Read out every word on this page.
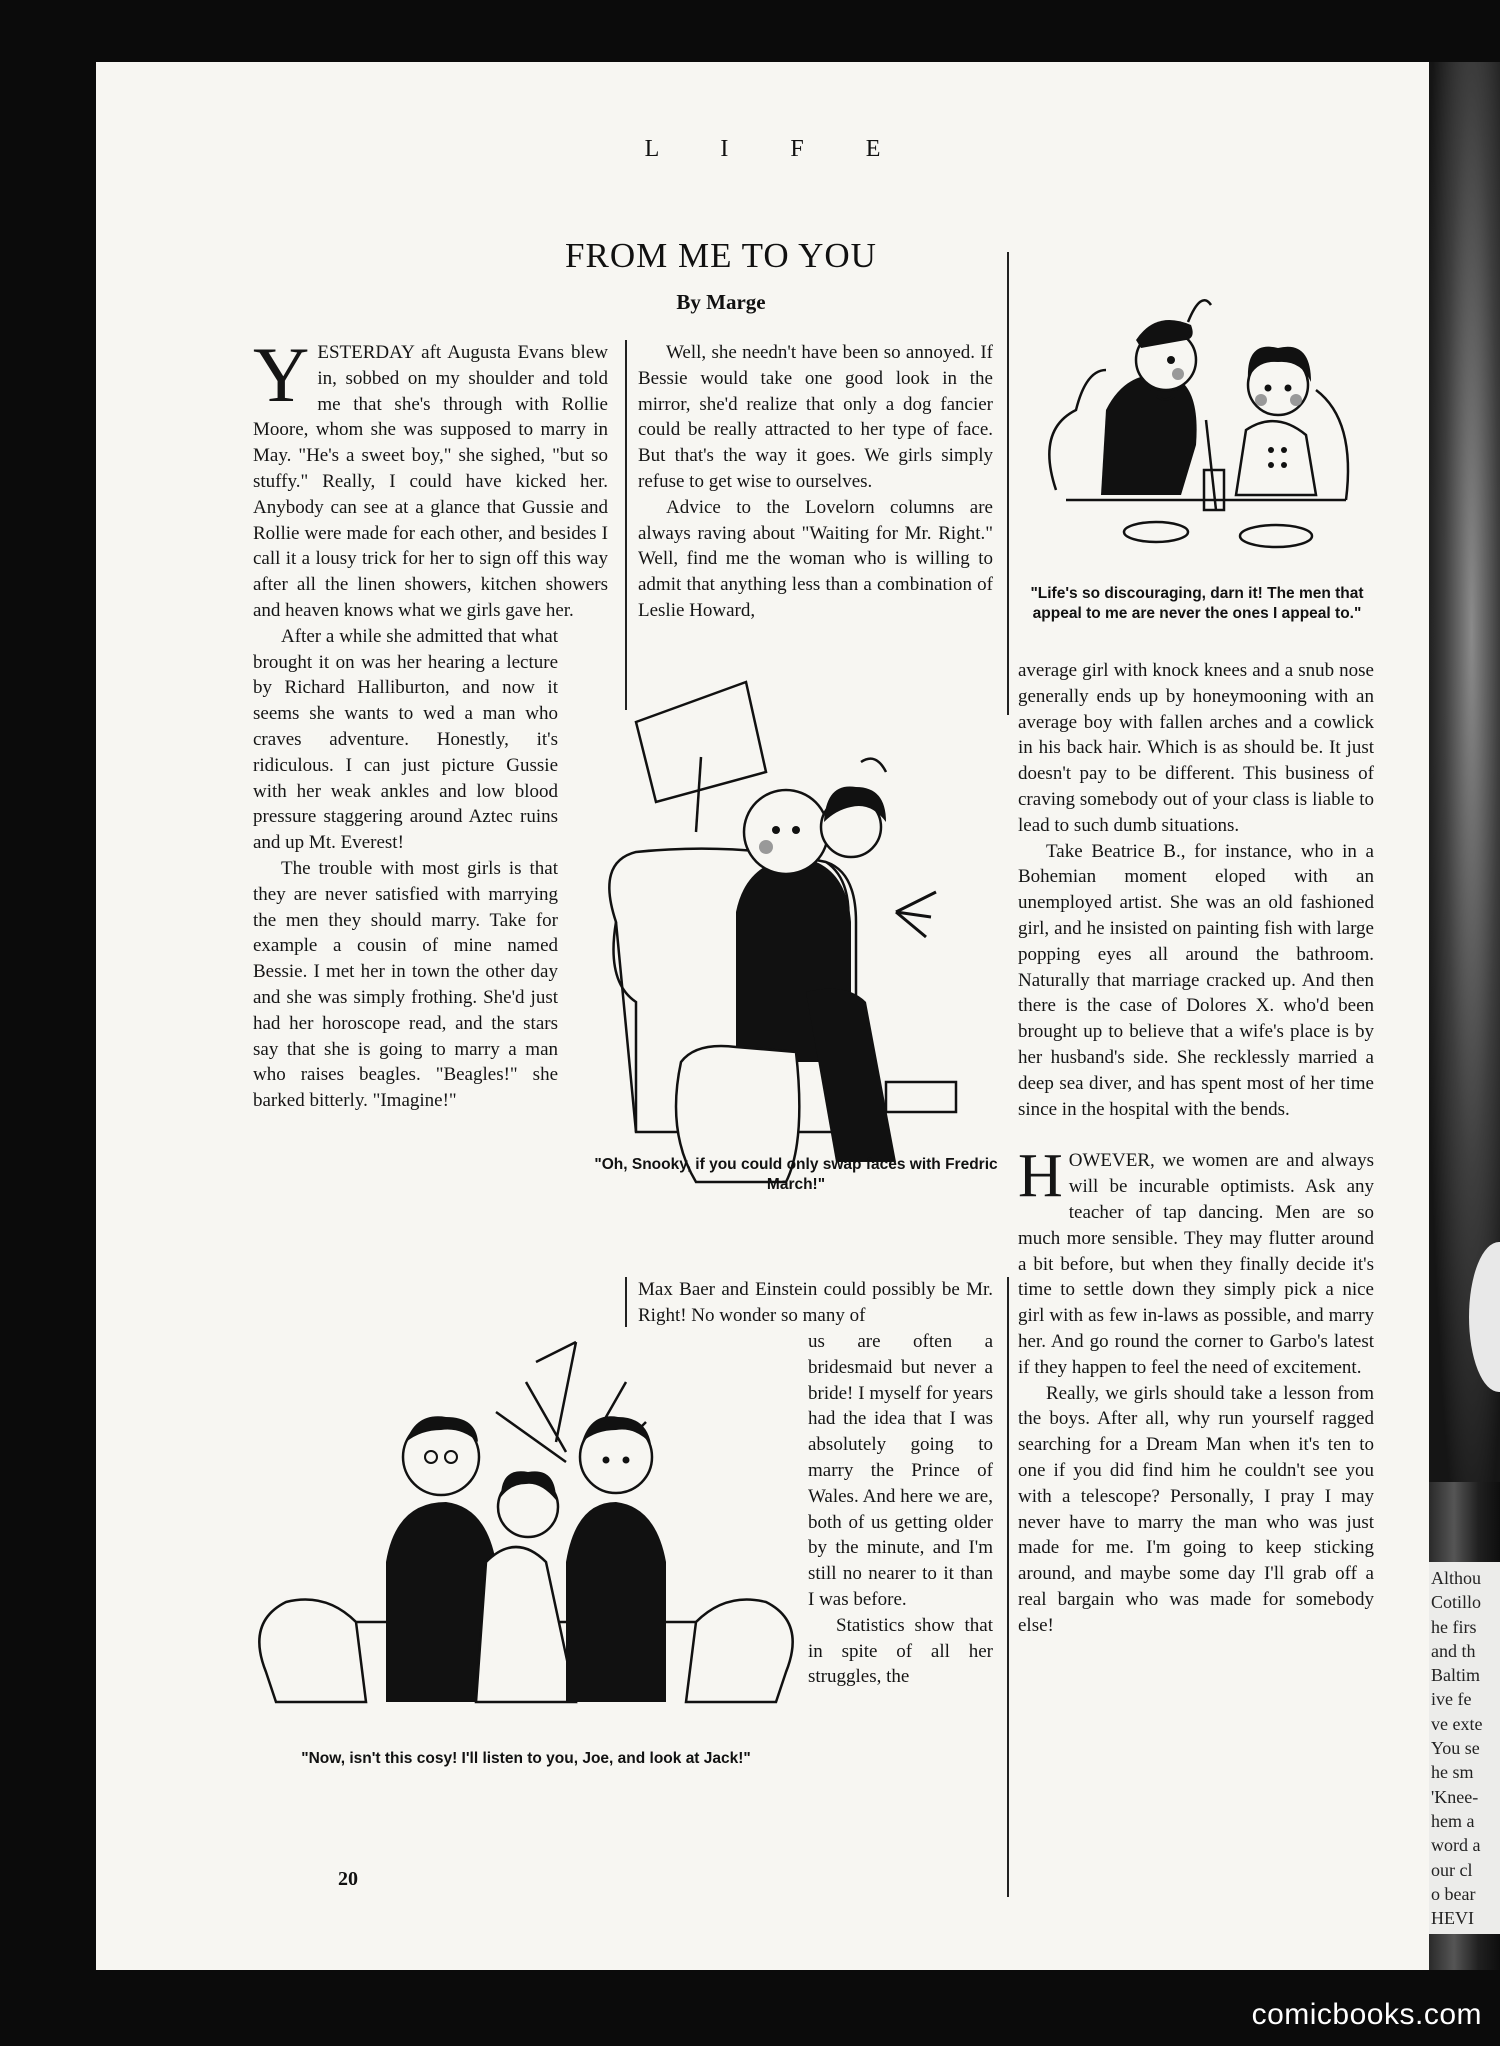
L I F E
FROM ME TO YOU
By Marge

YESTERDAY aft Augusta Evans blew in, sobbed on my shoulder and told me that she's through with Rollie Moore, whom she was supposed to marry in May. "He's a sweet boy," she sighed, "but so stuffy." Really, I could have kicked her. Anybody can see at a glance that Gussie and Rollie were made for each other, and besides I call it a lousy trick for her to sign off this way after all the linen showers, kitchen showers and heaven knows what we girls gave her.

After a while she admitted that what brought it on was her hearing a lecture by Richard Halliburton, and now it seems she wants to wed a man who craves adventure. Honestly, it's ridiculous. I can just picture Gussie with her weak ankles and low blood pressure staggering around Aztec ruins and up Mt. Everest!

The trouble with most girls is that they are never satisfied with marrying the men they should marry. Take for example a cousin of mine named Bessie. I met her in town the other day and she was simply frothing. She'd just had her horoscope read, and the stars say that she is going to marry a man who raises beagles. "Beagles!" she barked bitterly. "Imagine!"

Well, she needn't have been so annoyed. If Bessie would take one good look in the mirror, she'd realize that only a dog fancier could be really attracted to her type of face. But that's the way it goes. We girls simply refuse to get wise to ourselves.

Advice to the Lovelorn columns are always raving about "Waiting for Mr. Right." Well, find me the woman who is willing to admit that anything less than a combination of Leslie Howard,

Max Baer and Einstein could possibly be Mr. Right! No wonder so many of

us are often a bridesmaid but never a bride! I myself for years had the idea that I was absolutely going to marry the Prince of Wales. And here we are, both of us getting older by the minute, and I'm still no nearer to it than I was before.

Statistics show that in spite of all her struggles, the

average girl with knock knees and a snub nose generally ends up by honeymooning with an average boy with fallen arches and a cowlick in his back hair. Which is as should be. It just doesn't pay to be different. This business of craving somebody out of your class is liable to lead to such dumb situations.

Take Beatrice B., for instance, who in a Bohemian moment eloped with an unemployed artist. She was an old fashioned girl, and he insisted on painting fish with large popping eyes all around the bathroom. Naturally that marriage cracked up. And then there is the case of Dolores X. who'd been brought up to believe that a wife's place is by her husband's side. She recklessly married a deep sea diver, and has spent most of her time since in the hospital with the bends.

HOWEVER, we women are and always will be incurable optimists. Ask any teacher of tap dancing. Men are so much more sensible. They may flutter around a bit before, but when they finally decide it's time to settle down they simply pick a nice girl with as few in-laws as possible, and marry her. And go round the corner to Garbo's latest if they happen to feel the need of excitement.

Really, we girls should take a lesson from the boys. After all, why run yourself ragged searching for a Dream Man when it's ten to one if you did find him he couldn't see you with a telescope? Personally, I pray I may never have to marry the man who was just made for me. I'm going to keep sticking around, and maybe some day I'll grab off a real bargain who was made for somebody else!

"Life's so discouraging, darn it! The men that appeal to me are never the ones I appeal to."
"Oh, Snooky, if you could only swap faces with Fredric March!"
"Now, isn't this cosy! I'll listen to you, Joe, and look at Jack!"
20
Althou
Cotillo
he firs
and th
Baltim
ive fe
ve exte
You se
he sm
'Knee-
hem a
word a
our cl
o bear
HEVI
comicbooks.com
